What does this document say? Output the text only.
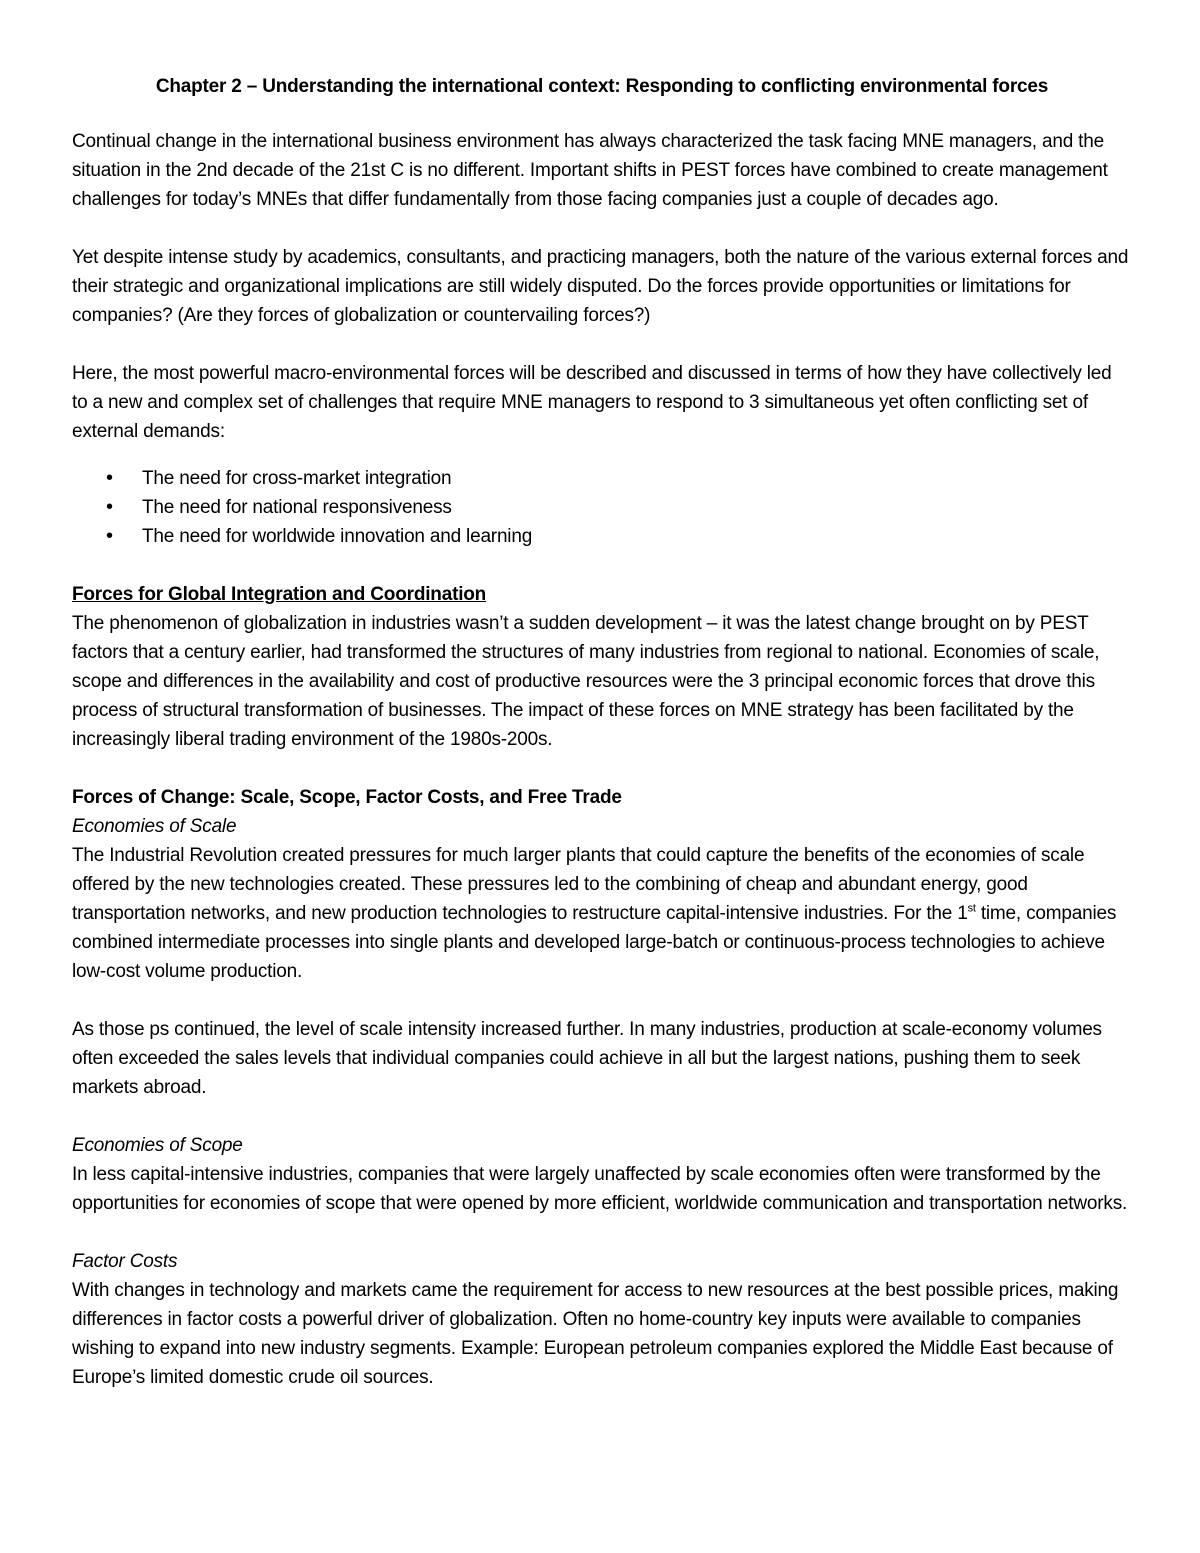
Chapter 2 – Understanding the international context: Responding to conflicting environmental forces

Continual change in the international business environment has always characterized the task facing MNE managers, and the situation in the 2nd decade of the 21st C is no different. Important shifts in PEST forces have combined to create management challenges for today’s MNEs that differ fundamentally from those facing companies just a couple of decades ago.

Yet despite intense study by academics, consultants, and practicing managers, both the nature of the various external forces and their strategic and organizational implications are still widely disputed. Do the forces provide opportunities or limitations for companies? (Are they forces of globalization or countervailing forces?)

Here, the most powerful macro-environmental forces will be described and discussed in terms of how they have collectively led to a new and complex set of challenges that require MNE managers to respond to 3 simultaneous yet often conflicting set of external demands:

• The need for cross-market integration
• The need for national responsiveness
• The need for worldwide innovation and learning
Forces for Global Integration and Coordination

The phenomenon of globalization in industries wasn’t a sudden development – it was the latest change brought on by PEST factors that a century earlier, had transformed the structures of many industries from regional to national. Economies of scale, scope and differences in the availability and cost of productive resources were the 3 principal economic forces that drove this process of structural transformation of businesses. The impact of these forces on MNE strategy has been facilitated by the increasingly liberal trading environment of the 1980s-200s.

Forces of Change: Scale, Scope, Factor Costs, and Free Trade
Economies of Scale

The Industrial Revolution created pressures for much larger plants that could capture the benefits of the economies of scale offered by the new technologies created. These pressures led to the combining of cheap and abundant energy, good transportation networks, and new production technologies to restructure capital-intensive industries. For the 1st time, companies combined intermediate processes into single plants and developed large-batch or continuous-process technologies to achieve low-cost volume production.

As those ps continued, the level of scale intensity increased further. In many industries, production at scale-economy volumes often exceeded the sales levels that individual companies could achieve in all but the largest nations, pushing them to seek markets abroad.

Economies of Scope

In less capital-intensive industries, companies that were largely unaffected by scale economies often were transformed by the opportunities for economies of scope that were opened by more efficient, worldwide communication and transportation networks.

Factor Costs

With changes in technology and markets came the requirement for access to new resources at the best possible prices, making differences in factor costs a powerful driver of globalization. Often no home-country key inputs were available to companies wishing to expand into new industry segments. Example: European petroleum companies explored the Middle East because of Europe’s limited domestic crude oil sources.
